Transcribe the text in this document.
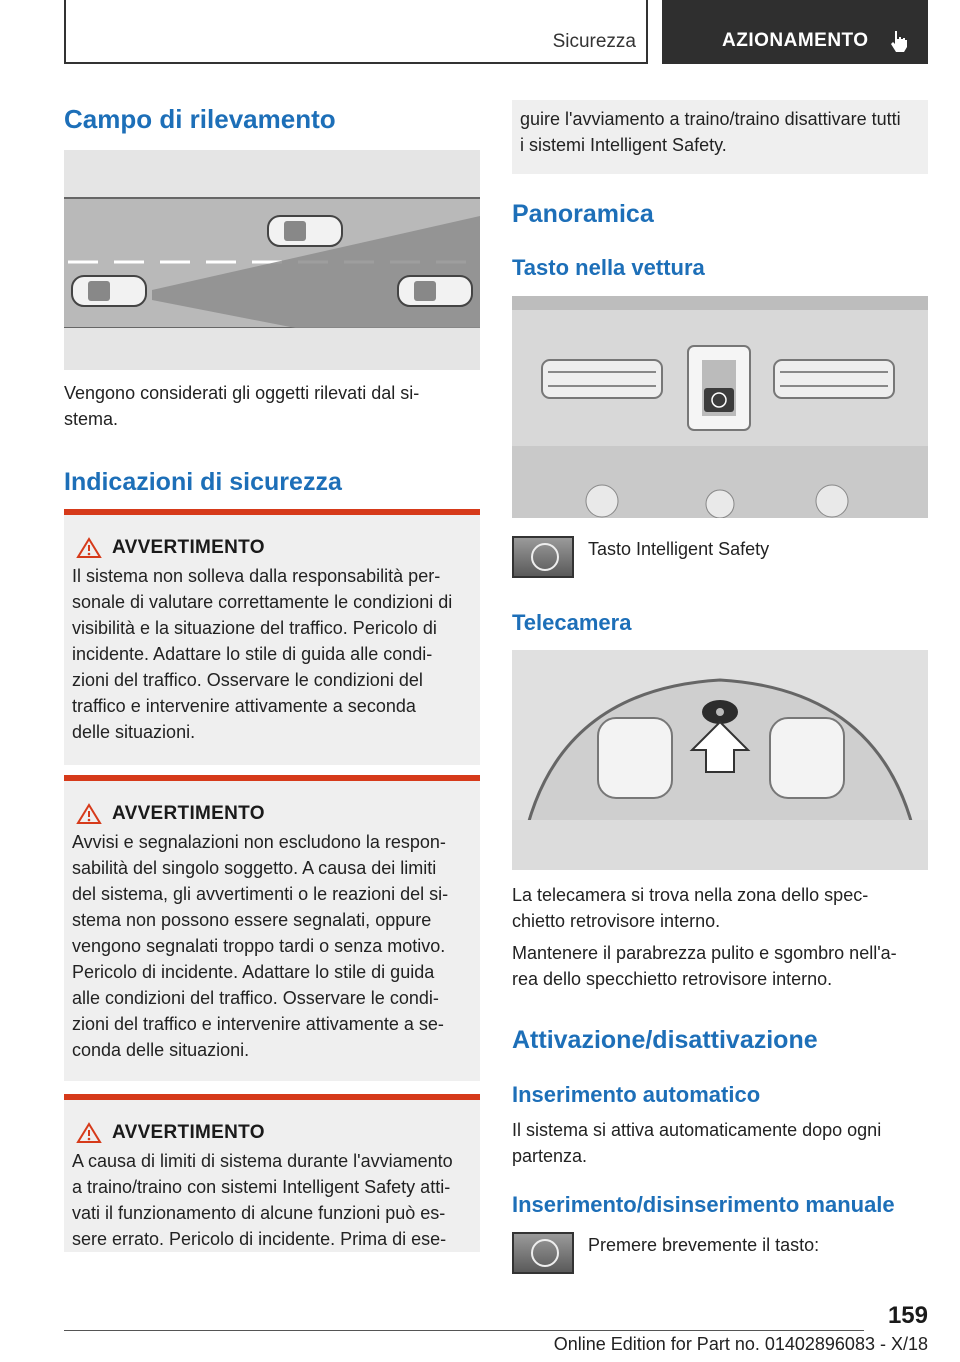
Sicurezza	AZIONAMENTO
Campo di rilevamento

Vengono considerati gli oggetti rilevati dal si-
stema.

Indicazioni di sicurezza
AVVERTIMENTO

Il sistema non solleva dalla responsabilità per-
sonale di valutare correttamente le condizioni di
visibilità e la situazione del traffico. Pericolo di
incidente. Adattare lo stile di guida alle condi-
zioni del traffico. Osservare le condizioni del
traffico e intervenire attivamente a seconda
delle situazioni.

AVVERTIMENTO

Avvisi e segnalazioni non escludono la respon-
sabilità del singolo soggetto. A causa dei limiti
del sistema, gli avvertimenti o le reazioni del si-
stema non possono essere segnalati, oppure
vengono segnalati troppo tardi o senza motivo.
Pericolo di incidente. Adattare lo stile di guida
alle condizioni del traffico. Osservare le condi-
zioni del traffico e intervenire attivamente a se-
conda delle situazioni.

AVVERTIMENTO

A causa di limiti di sistema durante l'avviamento
a traino/traino con sistemi Intelligent Safety atti-
vati il funzionamento di alcune funzioni può es-
sere errato. Pericolo di incidente. Prima di ese-

guire l'avviamento a traino/traino disattivare tutti
i sistemi Intelligent Safety.

Panoramica
Tasto nella vettura

Tasto Intelligent Safety

Telecamera

La telecamera si trova nella zona dello spec-
chietto retrovisore interno.

Mantenere il parabrezza pulito e sgombro nell'a-
rea dello specchietto retrovisore interno.

Attivazione/disattivazione
Inserimento automatico

Il sistema si attiva automaticamente dopo ogni
partenza.

Inserimento/disinserimento manuale

Premere brevemente il tasto:

159
Online Edition for Part no. 01402896083 - X/18
